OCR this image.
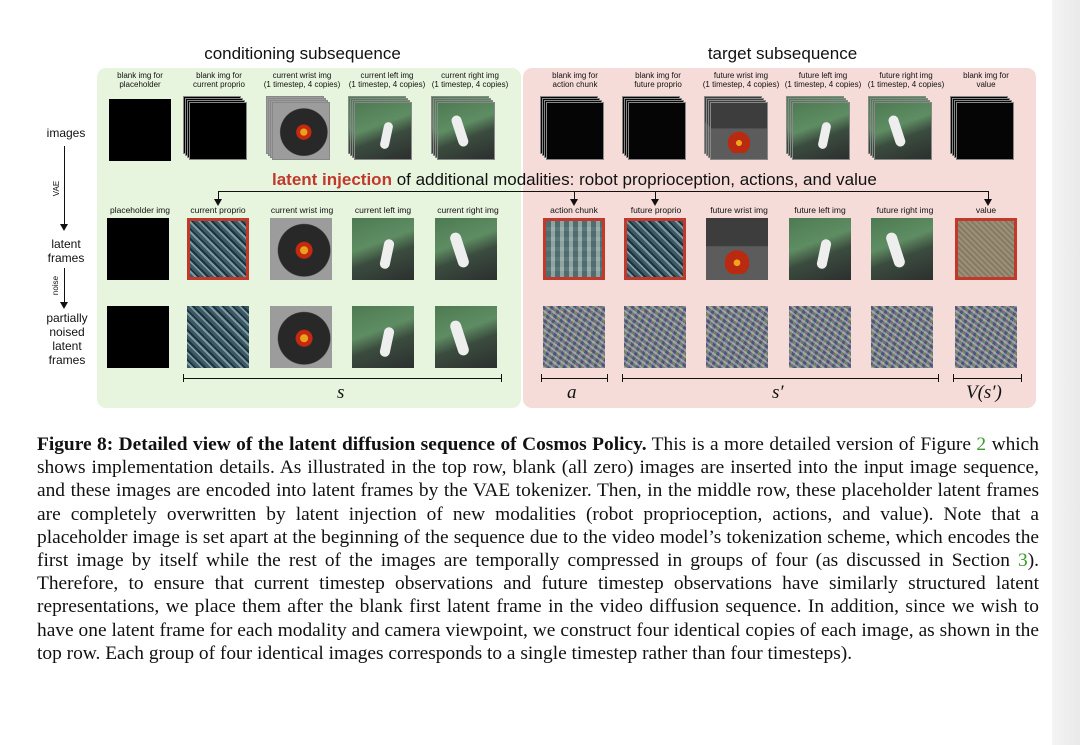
conditioning subsequence	target subsequence
images
VAE
latent
frames
noise
partially
noised
latent
frames
blank img for
placeholder
blank img for
current proprio
current wrist img
(1 timestep, 4 copies)
current left img
(1 timestep, 4 copies)
current right img
(1 timestep, 4 copies)
blank img for
action chunk
blank img for
future proprio
future wrist img
(1 timestep, 4 copies)
future left img
(1 timestep, 4 copies)
future right img
(1 timestep, 4 copies)
blank img for
value
latent injection of additional modalities: robot proprioception, actions, and value
placeholder img	current proprio	current wrist img	current left img	current right img	action chunk	future proprio	future wrist img	future left img	future right img	value
s	a	s′	V(s′)
Figure 8: Detailed view of the latent diffusion sequence of Cosmos Policy. This is a more detailed version of Figure 2 which shows implementation details. As illustrated in the top row, blank (all zero) images are inserted into the input image sequence, and these images are encoded into latent frames by the VAE tokenizer. Then, in the middle row, these placeholder latent frames are completely overwritten by latent injection of new modalities (robot proprioception, actions, and value). Note that a placeholder image is set apart at the beginning of the sequence due to the video model’s tokenization scheme, which encodes the first image by itself while the rest of the images are temporally compressed in groups of four (as discussed in Section 3). Therefore, to ensure that current timestep observations and future timestep observations have similarly structured latent representations, we place them after the blank first latent frame in the video diffusion sequence. In addition, since we wish to have one latent frame for each modality and camera viewpoint, we construct four identical copies of each image, as shown in the top row. Each group of four identical images corresponds to a single timestep rather than four timesteps).
